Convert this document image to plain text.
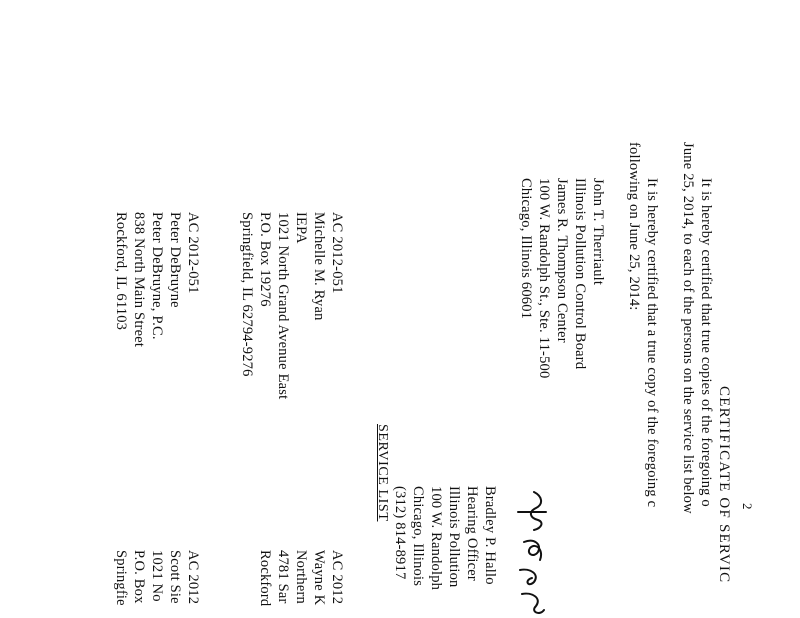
2
CERTIFICATE OF SERVIC
It is hereby certified that true copies of the foregoing o
June 25, 2014, to each of the persons on the service list below
It is hereby certified that a true copy of the foregoing c
following on June 25, 2014:
John T. Therriault
Illinois Pollution Control Board
James R. Thompson Center
100 W. Randolph St., Ste. 11-500
Chicago, Illinois 60601
Bradley P. Hallo
Hearing Officer
Illinois Pollution
100 W. Randolph
Chicago, Illinois
(312) 814-8917
SERVICE LIST
AC 2012-051
Michelle M. Ryan
IEPA
1021 North Grand Avenue East
P.O. Box 19276
Springfield, IL 62794-9276
AC 2012
Wayne K
Northern
4781 Sar
Rockford
AC 2012-051
Peter DeBruyne
Peter DeBruyne, P.C.
838 North Main Street
Rockford, IL 61103
AC 2012
Scott Sie
1021 No
P.O. Box
Springfie
